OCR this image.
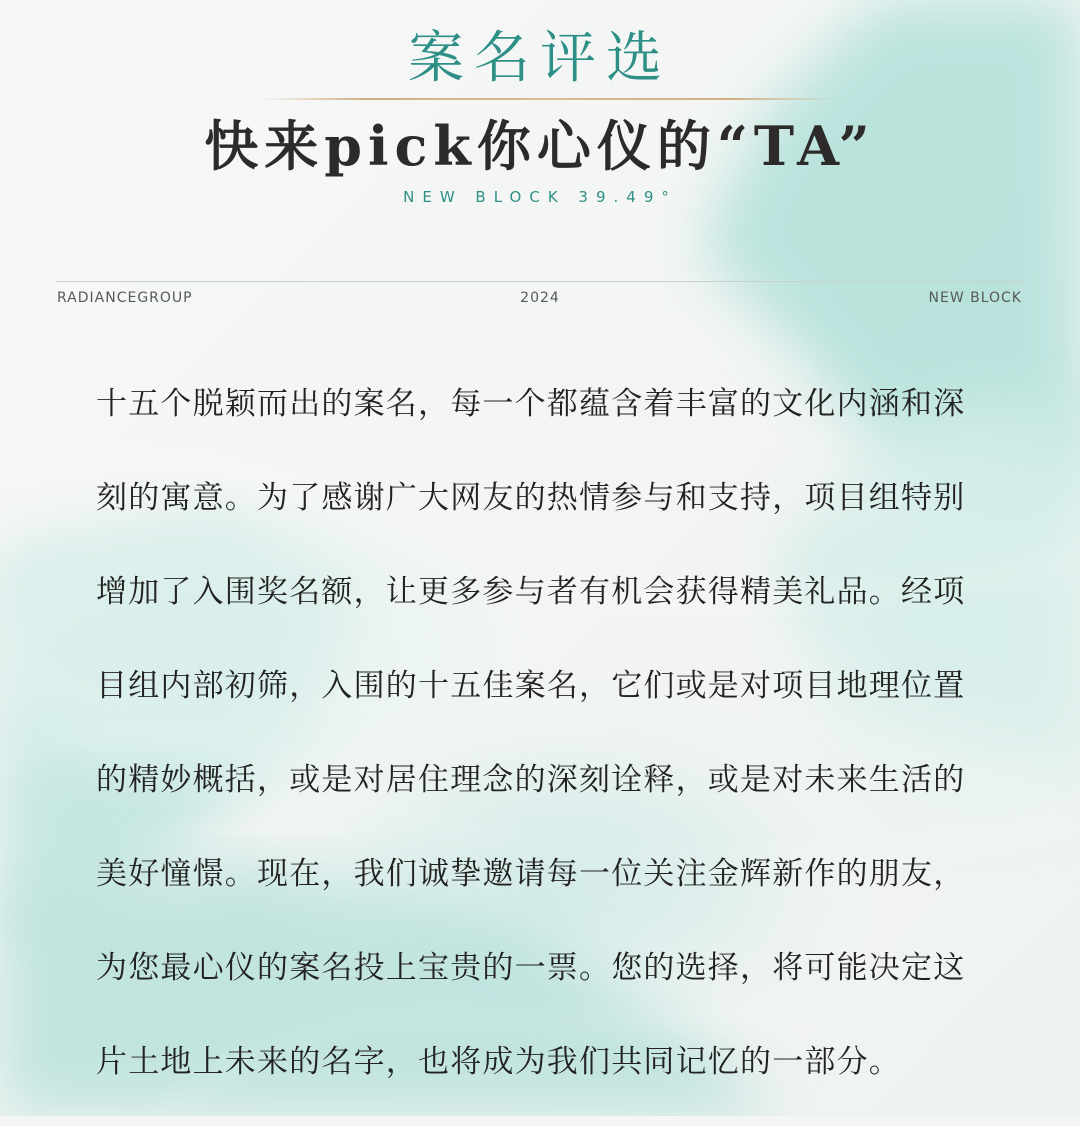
案名评选
快来pick你心仪的“TA”
NEW BLOCK 39.49°
RADIANCEGROUP	2024	NEW BLOCK
十五个脱颖而出的案名，每一个都蕴含着丰富的文化内涵和深
刻的寓意。为了感谢广大网友的热情参与和支持，项目组特别
增加了入围奖名额，让更多参与者有机会获得精美礼品。经项
目组内部初筛，入围的十五佳案名，它们或是对项目地理位置
的精妙概括，或是对居住理念的深刻诠释，或是对未来生活的
美好憧憬。现在，我们诚挚邀请每一位关注金辉新作的朋友，
为您最心仪的案名投上宝贵的一票。您的选择，将可能决定这
片土地上未来的名字，也将成为我们共同记忆的一部分。
